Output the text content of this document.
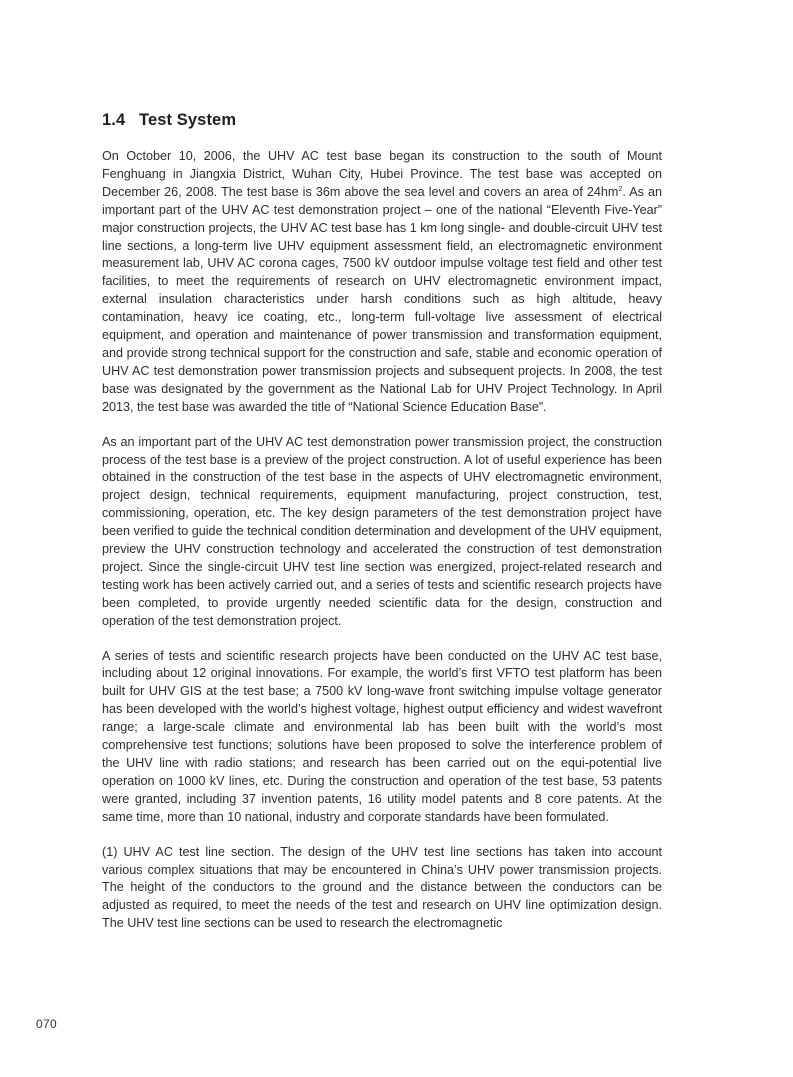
1.4 Test System

On October 10, 2006, the UHV AC test base began its construction to the south of Mount Fenghuang in Jiangxia District, Wuhan City, Hubei Province. The test base was accepted on December 26, 2008. The test base is 36m above the sea level and covers an area of $24hm^2$. As an important part of the UHV AC test demonstration project – one of the national “Eleventh Five-Year” major construction projects, the UHV AC test base has 1 km long single- and double-circuit UHV test line sections, a long-term live UHV equipment assessment field, an electromagnetic environment measurement lab, UHV AC corona cages, 7500 kV outdoor impulse voltage test field and other test facilities, to meet the requirements of research on UHV electromagnetic environment impact, external insulation characteristics under harsh conditions such as high altitude, heavy contamination, heavy ice coating, etc., long-term full-voltage live assessment of electrical equipment, and operation and maintenance of power transmission and transformation equipment, and provide strong technical support for the construction and safe, stable and economic operation of UHV AC test demonstration power transmission projects and subsequent projects. In 2008, the test base was designated by the government as the National Lab for UHV Project Technology. In April 2013, the test base was awarded the title of “National Science Education Base”.

As an important part of the UHV AC test demonstration power transmission project, the construction process of the test base is a preview of the project construction. A lot of useful experience has been obtained in the construction of the test base in the aspects of UHV electromagnetic environment, project design, technical requirements, equipment manufacturing, project construction, test, commissioning, operation, etc. The key design parameters of the test demonstration project have been verified to guide the technical condition determination and development of the UHV equipment, preview the UHV construction technology and accelerated the construction of test demonstration project. Since the single-circuit UHV test line section was energized, project-related research and testing work has been actively carried out, and a series of tests and scientific research projects have been completed, to provide urgently needed scientific data for the design, construction and operation of the test demonstration project.

A series of tests and scientific research projects have been conducted on the UHV AC test base, including about 12 original innovations. For example, the world’s first VFTO test platform has been built for UHV GIS at the test base; a 7500 kV long-wave front switching impulse voltage generator has been developed with the world’s highest voltage, highest output efficiency and widest wavefront range; a large-scale climate and environmental lab has been built with the world’s most comprehensive test functions; solutions have been proposed to solve the interference problem of the UHV line with radio stations; and research has been carried out on the equi-potential live operation on 1000 kV lines, etc. During the construction and operation of the test base, 53 patents were granted, including 37 invention patents, 16 utility model patents and 8 core patents. At the same time, more than 10 national, industry and corporate standards have been formulated.

(1) UHV AC test line section. The design of the UHV test line sections has taken into account various complex situations that may be encountered in China’s UHV power transmission projects. The height of the conductors to the ground and the distance between the conductors can be adjusted as required, to meet the needs of the test and research on UHV line optimization design. The UHV test line sections can be used to research the electromagnetic

070
